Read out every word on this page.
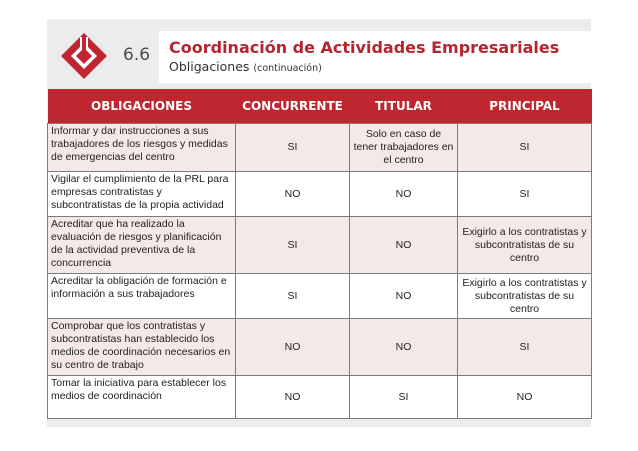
6.6 Coordinación de Actividades Empresariales
Obligaciones (continuación)
OBLIGACIONES	CONCURRENTE	TITULAR	PRINCIPAL
Informar y dar instrucciones a sus trabajadores de los riesgos y medidas de emergencias del centro	SI	Solo en caso de tener trabajadores en el centro	SI
Vigilar el cumplimiento de la PRL para empresas contratistas y subcontratistas de la propia actividad	NO	NO	SI
Acreditar que ha realizado la evaluación de riesgos y planificación de la actividad preventiva de la concurrencia	SI	NO	Exigirlo a los contratistas y subcontratistas de su centro
Acreditar la obligación de formación e información a sus trabajadores	SI	NO	Exigirlo a los contratistas y subcontratistas de su centro
Comprobar que los contratistas y subcontratistas han establecido los medios de coordinación necesarios en su centro de trabajo	NO	NO	SI
Tomar la iniciativa para establecer los medios de coordinación	NO	SI	NO
